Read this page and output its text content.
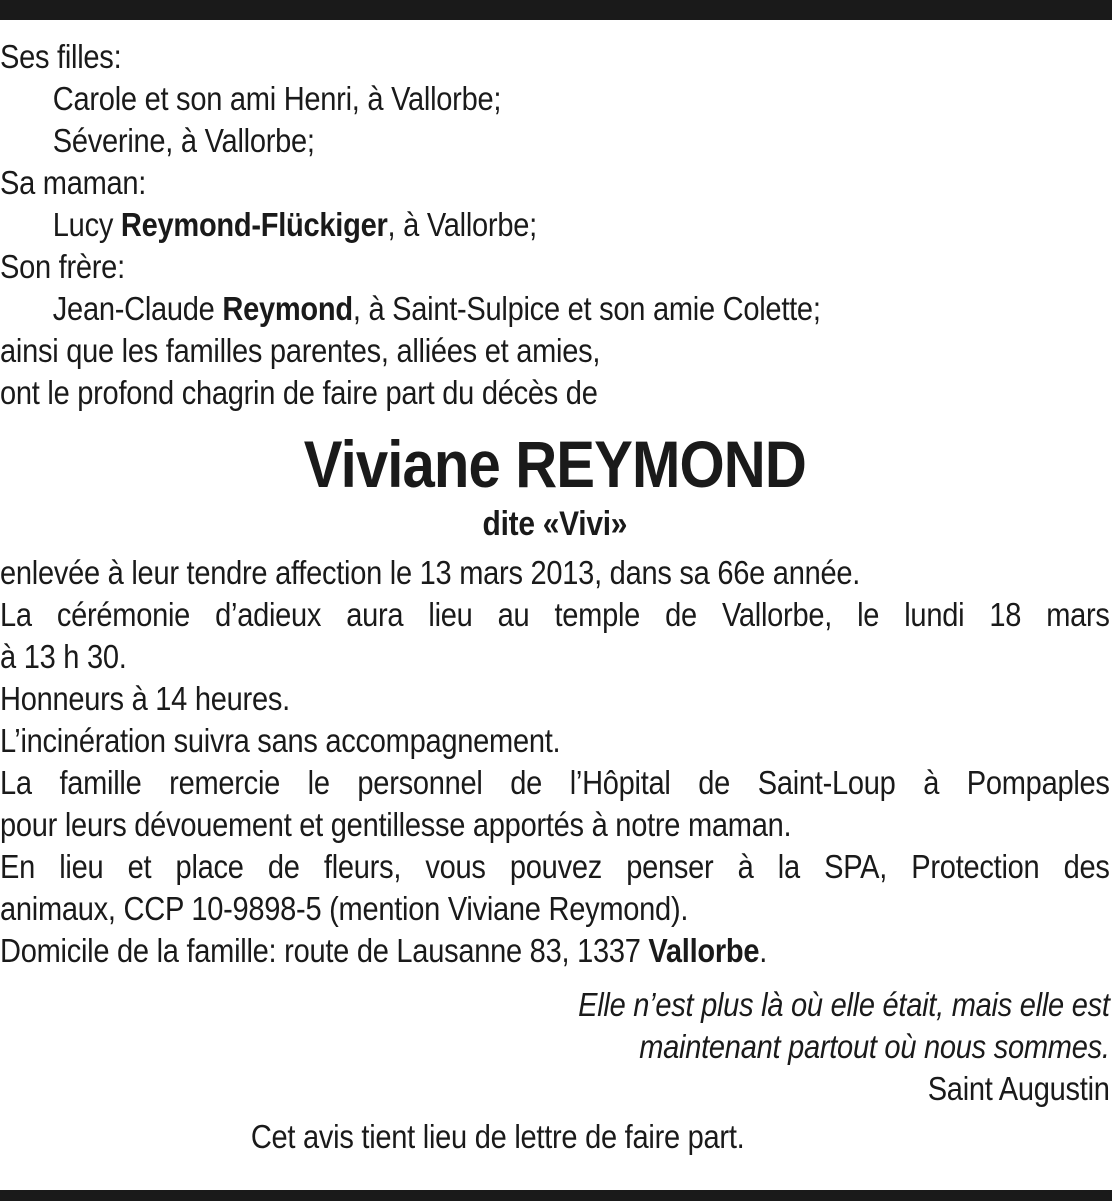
Ses filles:
Carole et son ami Henri, à Vallorbe;
Séverine, à Vallorbe;
Sa maman:
Lucy Reymond-Flückiger, à Vallorbe;
Son frère:
Jean-Claude Reymond, à Saint-Sulpice et son amie Colette;
ainsi que les familles parentes, alliées et amies,
ont le profond chagrin de faire part du décès de
Viviane REYMOND
dite «Vivi»
enlevée à leur tendre affection le 13 mars 2013, dans sa 66e année.
La cérémonie d’adieux aura lieu au temple de Vallorbe, le lundi 18 mars
à 13 h 30.
Honneurs à 14 heures.
L’incinération suivra sans accompagnement.
La famille remercie le personnel de l’Hôpital de Saint-Loup à Pompaples
pour leurs dévouement et gentillesse apportés à notre maman.
En lieu et place de fleurs, vous pouvez penser à la SPA, Protection des
animaux, CCP 10-9898-5 (mention Viviane Reymond).
Domicile de la famille: route de Lausanne 83, 1337 Vallorbe.
Elle n’est plus là où elle était, mais elle est
maintenant partout où nous sommes.
Saint Augustin
Cet avis tient lieu de lettre de faire part.
